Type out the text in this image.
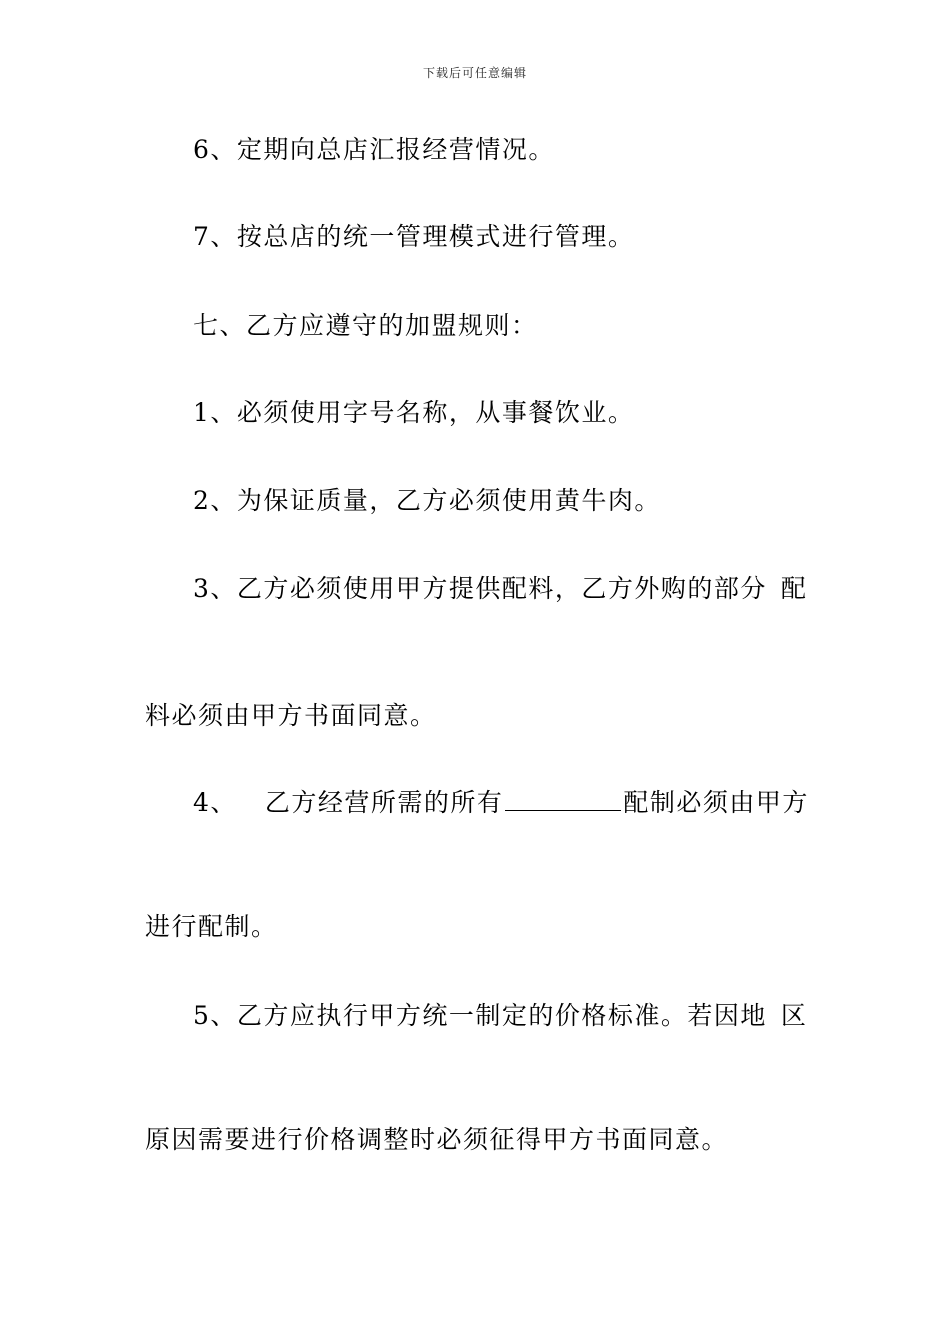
下载后可任意编辑
6、定期向总店汇报经营情况。
7、按总店的统一管理模式进行管理。
七、乙方应遵守的加盟规则：
1、必须使用字号名称，从事餐饮业。
2、为保证质量，乙方必须使用黄牛肉。
3、乙方必须使用甲方提供配料，乙方外购的部分 配
料必须由甲方书面同意。
4、 乙方经营所需的所有	配制必须由甲方
进行配制。
5、乙方应执行甲方统一制定的价格标准。若因地 区
原因需要进行价格调整时必须征得甲方书面同意。
